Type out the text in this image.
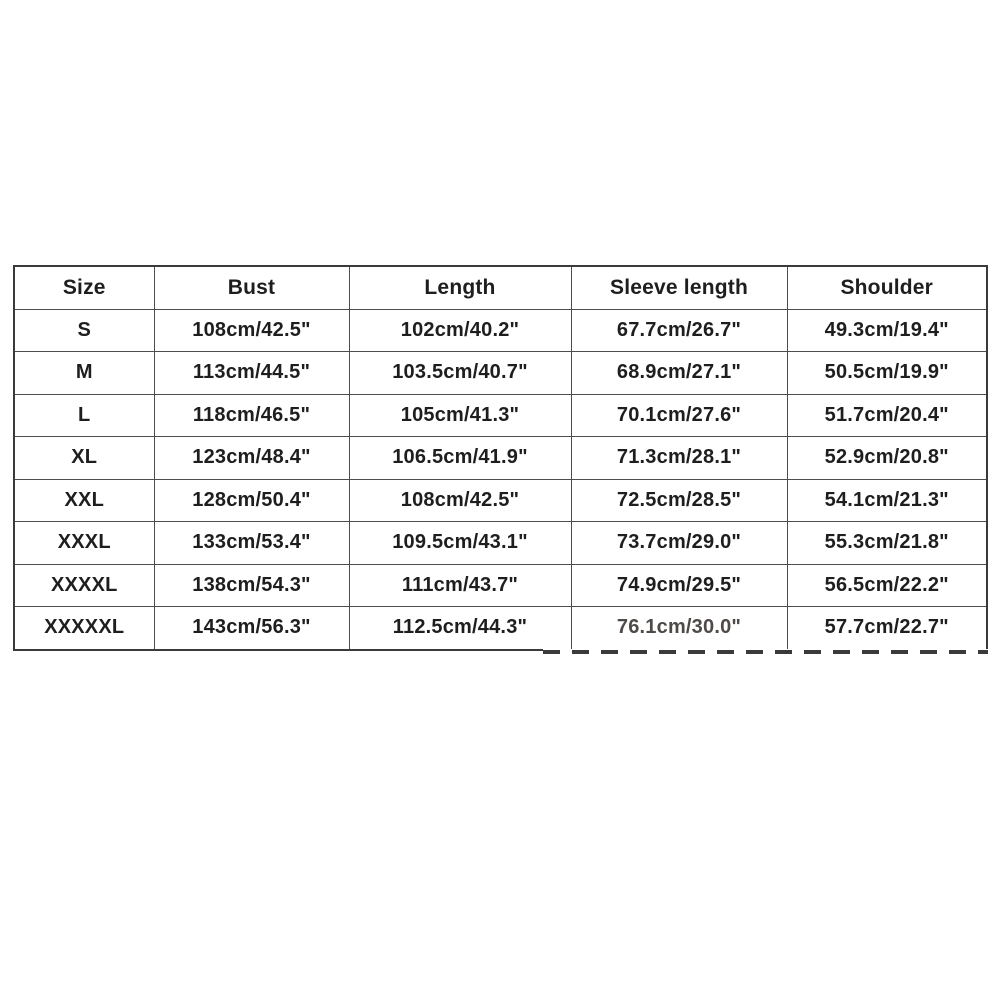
Size	Bust	Length	Sleeve length	Shoulder
S	108cm/42.5"	102cm/40.2"	67.7cm/26.7"	49.3cm/19.4"
M	113cm/44.5"	103.5cm/40.7"	68.9cm/27.1"	50.5cm/19.9"
L	118cm/46.5"	105cm/41.3"	70.1cm/27.6"	51.7cm/20.4"
XL	123cm/48.4"	106.5cm/41.9"	71.3cm/28.1"	52.9cm/20.8"
XXL	128cm/50.4"	108cm/42.5"	72.5cm/28.5"	54.1cm/21.3"
XXXL	133cm/53.4"	109.5cm/43.1"	73.7cm/29.0"	55.3cm/21.8"
XXXXL	138cm/54.3"	111cm/43.7"	74.9cm/29.5"	56.5cm/22.2"
XXXXXL	143cm/56.3"	112.5cm/44.3"	76.1cm/30.0"	57.7cm/22.7"
